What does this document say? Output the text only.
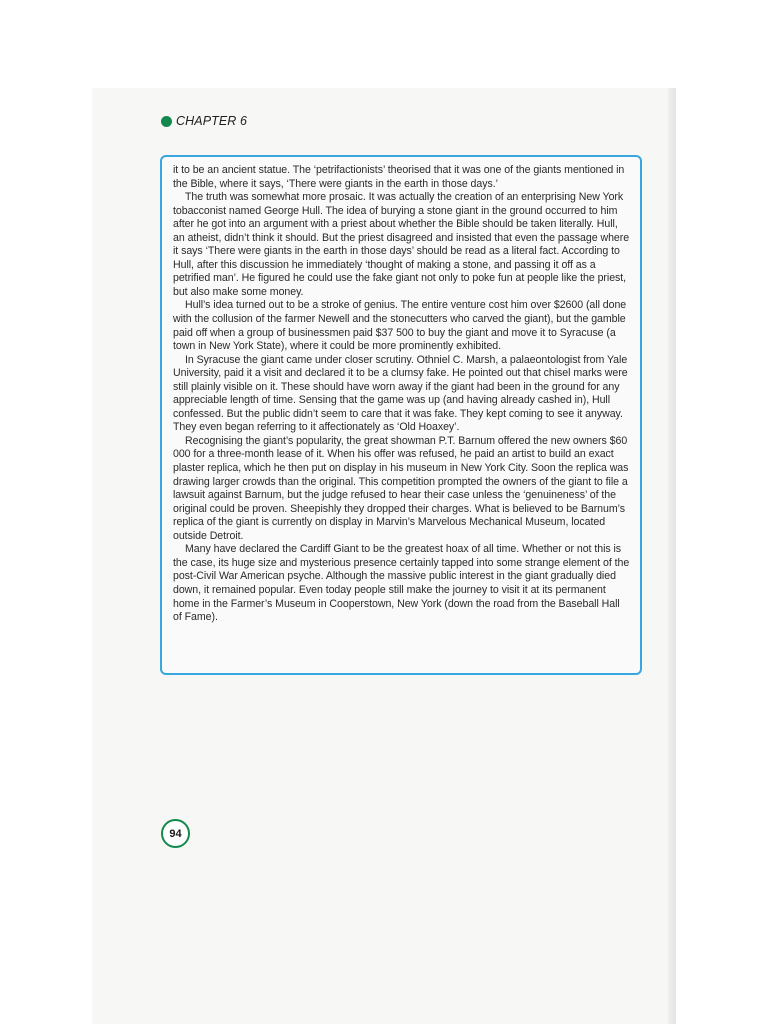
CHAPTER 6

it to be an ancient statue. The ‘petrifactionists’ theorised that it was one of the giants mentioned in the Bible, where it says, ‘There were giants in the earth in those days.’

The truth was somewhat more prosaic. It was actually the creation of an enterprising New York tobacconist named George Hull. The idea of burying a stone giant in the ground occurred to him after he got into an argument with a priest about whether the Bible should be taken literally. Hull, an atheist, didn’t think it should. But the priest disagreed and insisted that even the passage where it says ‘There were giants in the earth in those days’ should be read as a literal fact. According to Hull, after this discussion he immediately ‘thought of making a stone, and passing it off as a petrified man’. He figured he could use the fake giant not only to poke fun at people like the priest, but also make some money.

Hull’s idea turned out to be a stroke of genius. The entire venture cost him over $2600 (all done with the collusion of the farmer Newell and the stonecutters who carved the giant), but the gamble paid off when a group of businessmen paid $37 500 to buy the giant and move it to Syracuse (a town in New York State), where it could be more prominently exhibited.

In Syracuse the giant came under closer scrutiny. Othniel C. Marsh, a palaeontologist from Yale University, paid it a visit and declared it to be a clumsy fake. He pointed out that chisel marks were still plainly visible on it. These should have worn away if the giant had been in the ground for any appreciable length of time. Sensing that the game was up (and having already cashed in), Hull confessed. But the public didn’t seem to care that it was fake. They kept coming to see it anyway. They even began referring to it affectionately as ‘Old Hoaxey’.

Recognising the giant’s popularity, the great showman P.T. Barnum offered the new owners $60 000 for a three-month lease of it. When his offer was refused, he paid an artist to build an exact plaster replica, which he then put on display in his museum in New York City. Soon the replica was drawing larger crowds than the original. This competition prompted the owners of the giant to file a lawsuit against Barnum, but the judge refused to hear their case unless the ‘genuineness’ of the original could be proven. Sheepishly they dropped their charges. What is believed to be Barnum’s replica of the giant is currently on display in Marvin’s Marvelous Mechanical Museum, located outside Detroit.

Many have declared the Cardiff Giant to be the greatest hoax of all time. Whether or not this is the case, its huge size and mysterious presence certainly tapped into some strange element of the post-Civil War American psyche. Although the massive public interest in the giant gradually died down, it remained popular. Even today people still make the journey to visit it at its permanent home in the Farmer’s Museum in Cooperstown, New York (down the road from the Baseball Hall of Fame).

94
